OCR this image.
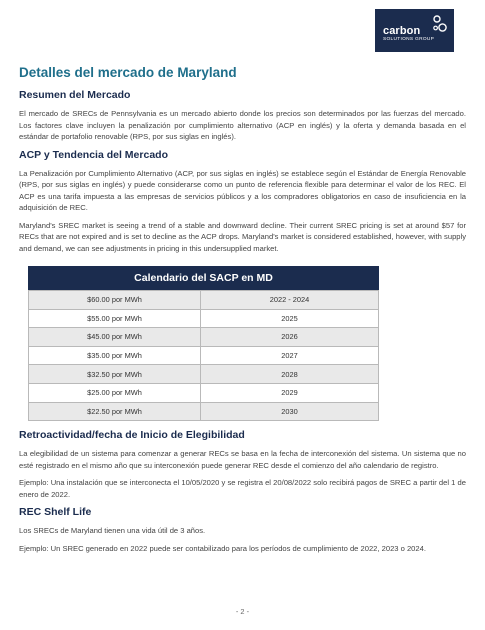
carbon
SOLUTIONS GROUP
Detalles del mercado de Maryland
Resumen del Mercado

El mercado de SRECs de Pennsylvania es un mercado abierto donde los precios son determinados por las fuerzas del mercado. Los factores clave incluyen la penalización por cumplimiento alternativo (ACP en inglés) y la oferta y demanda basada en el estándar de portafolio renovable (RPS, por sus siglas en inglés).

ACP y Tendencia del Mercado

La Penalización por Cumplimiento Alternativo (ACP, por sus siglas en inglés) se establece según el Estándar de Energía Renovable (RPS, por sus siglas en inglés) y puede considerarse como un punto de referencia flexible para determinar el valor de los REC. El ACP es una tarifa impuesta a las empresas de servicios públicos y a los compradores obligatorios en caso de insuficiencia en la adquisición de REC.

Maryland's SREC market is seeing a trend of a stable and downward decline. Their current SREC pricing is set at around $57 for RECs that are not expired and is set to decline as the ACP drops. Maryland's market is considered established, however, with supply and demand, we can see adjustments in pricing in this undersupplied market.

Calendario del SACP en MD
$60.00 por MWh	2022 - 2024
$55.00 por MWh	2025
$45.00 por MWh	2026
$35.00 por MWh	2027
$32.50 por MWh	2028
$25.00 por MWh	2029
$22.50 por MWh	2030
Retroactividad/fecha de Inicio de Elegibilidad

La elegibilidad de un sistema para comenzar a generar RECs se basa en la fecha de interconexión del sistema. Un sistema que no esté registrado en el mismo año que su interconexión puede generar REC desde el comienzo del año calendario de registro.

Ejemplo: Una instalación que se interconecta el 10/05/2020 y se registra el 20/08/2022 solo recibirá pagos de SREC a partir del 1 de enero de 2022.

REC Shelf Life

Los SRECs de Maryland tienen una vida útil de 3 años.

Ejemplo: Un SREC generado en 2022 puede ser contabilizado para los períodos de cumplimiento de 2022, 2023 o 2024.

- 2 -
